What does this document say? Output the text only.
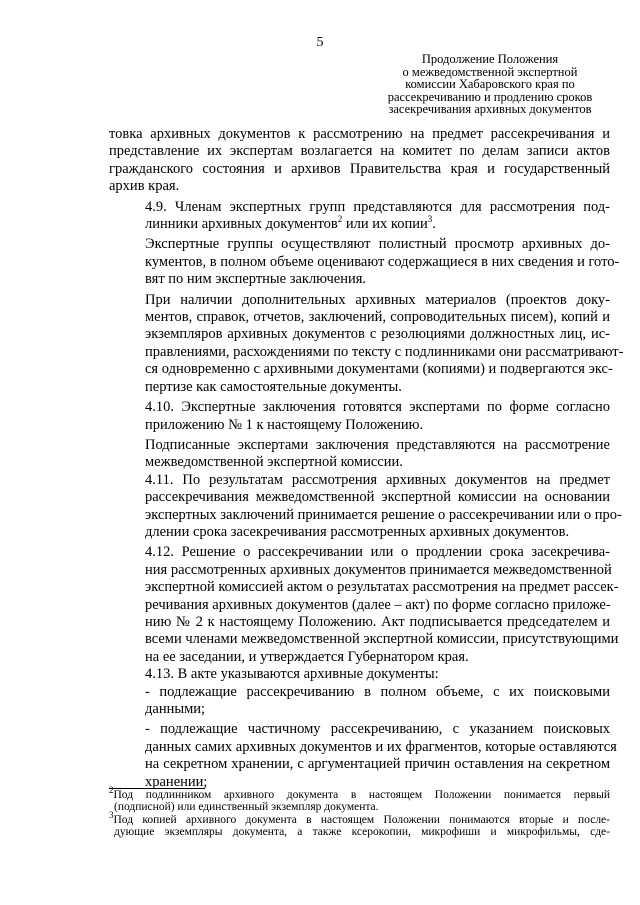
5
Продолжение Положения
о межведомственной экспертной
комиссии Хабаровского края по
рассекречиванию и продлению сроков
засекречивания архивных документов

товка архивных документов к рассмотрению на предмет рассекречивания и
представление их экспертам возлагается на комитет по делам записи актов
гражданского состояния и архивов Правительства края и государственный
архив края.

4.9. Членам экспертных групп представляются для рассмотрения под-
линники архивных документов$^2$ или их копии$^3$.

Экспертные группы осуществляют полистный просмотр архивных до-
кументов, в полном объеме оценивают содержащиеся в них сведения и гото-
вят по ним экспертные заключения.

При наличии дополнительных архивных материалов (проектов доку-
ментов, справок, отчетов, заключений, сопроводительных писем), копий и
экземпляров архивных документов с резолюциями должностных лиц, ис-
правлениями, расхождениями по тексту с подлинниками они рассматривают-
ся одновременно с архивными документами (копиями) и подвергаются экс-
пертизе как самостоятельные документы.

4.10. Экспертные заключения готовятся экспертами по форме согласно
приложению № 1 к настоящему Положению.

Подписанные экспертами заключения представляются на рассмотрение
межведомственной экспертной комиссии.

4.11. По результатам рассмотрения архивных документов на предмет
рассекречивания межведомственной экспертной комиссии на основании
экспертных заключений принимается решение о рассекречивании или о про-
длении срока засекречивания рассмотренных архивных документов.

4.12. Решение о рассекречивании или о продлении срока засекречива-
ния рассмотренных архивных документов принимается межведомственной
экспертной комиссией актом о результатах рассмотрения на предмет рассек-
речивания архивных документов (далее – акт) по форме согласно приложе-
нию № 2 к настоящему Положению. Акт подписывается председателем и
всеми членами межведомственной экспертной комиссии, присутствующими
на ее заседании, и утверждается Губернатором края.

4.13. В акте указываются архивные документы:

- подлежащие рассекречиванию в полном объеме, с их поисковыми
данными;

- подлежащие частичному рассекречиванию, с указанием поисковых
данных самих архивных документов и их фрагментов, которые оставляются
на секретном хранении, с аргументацией причин оставления на секретном
хранении;

$^2$Под подлинником архивного документа в настоящем Положении понимается первый
(подписной) или единственный экземпляр документа.

$^3$Под копией архивного документа в настоящем Положении понимаются вторые и после-
дующие экземпляры документа, а также ксерокопии, микрофиши и микрофильмы, сде-
